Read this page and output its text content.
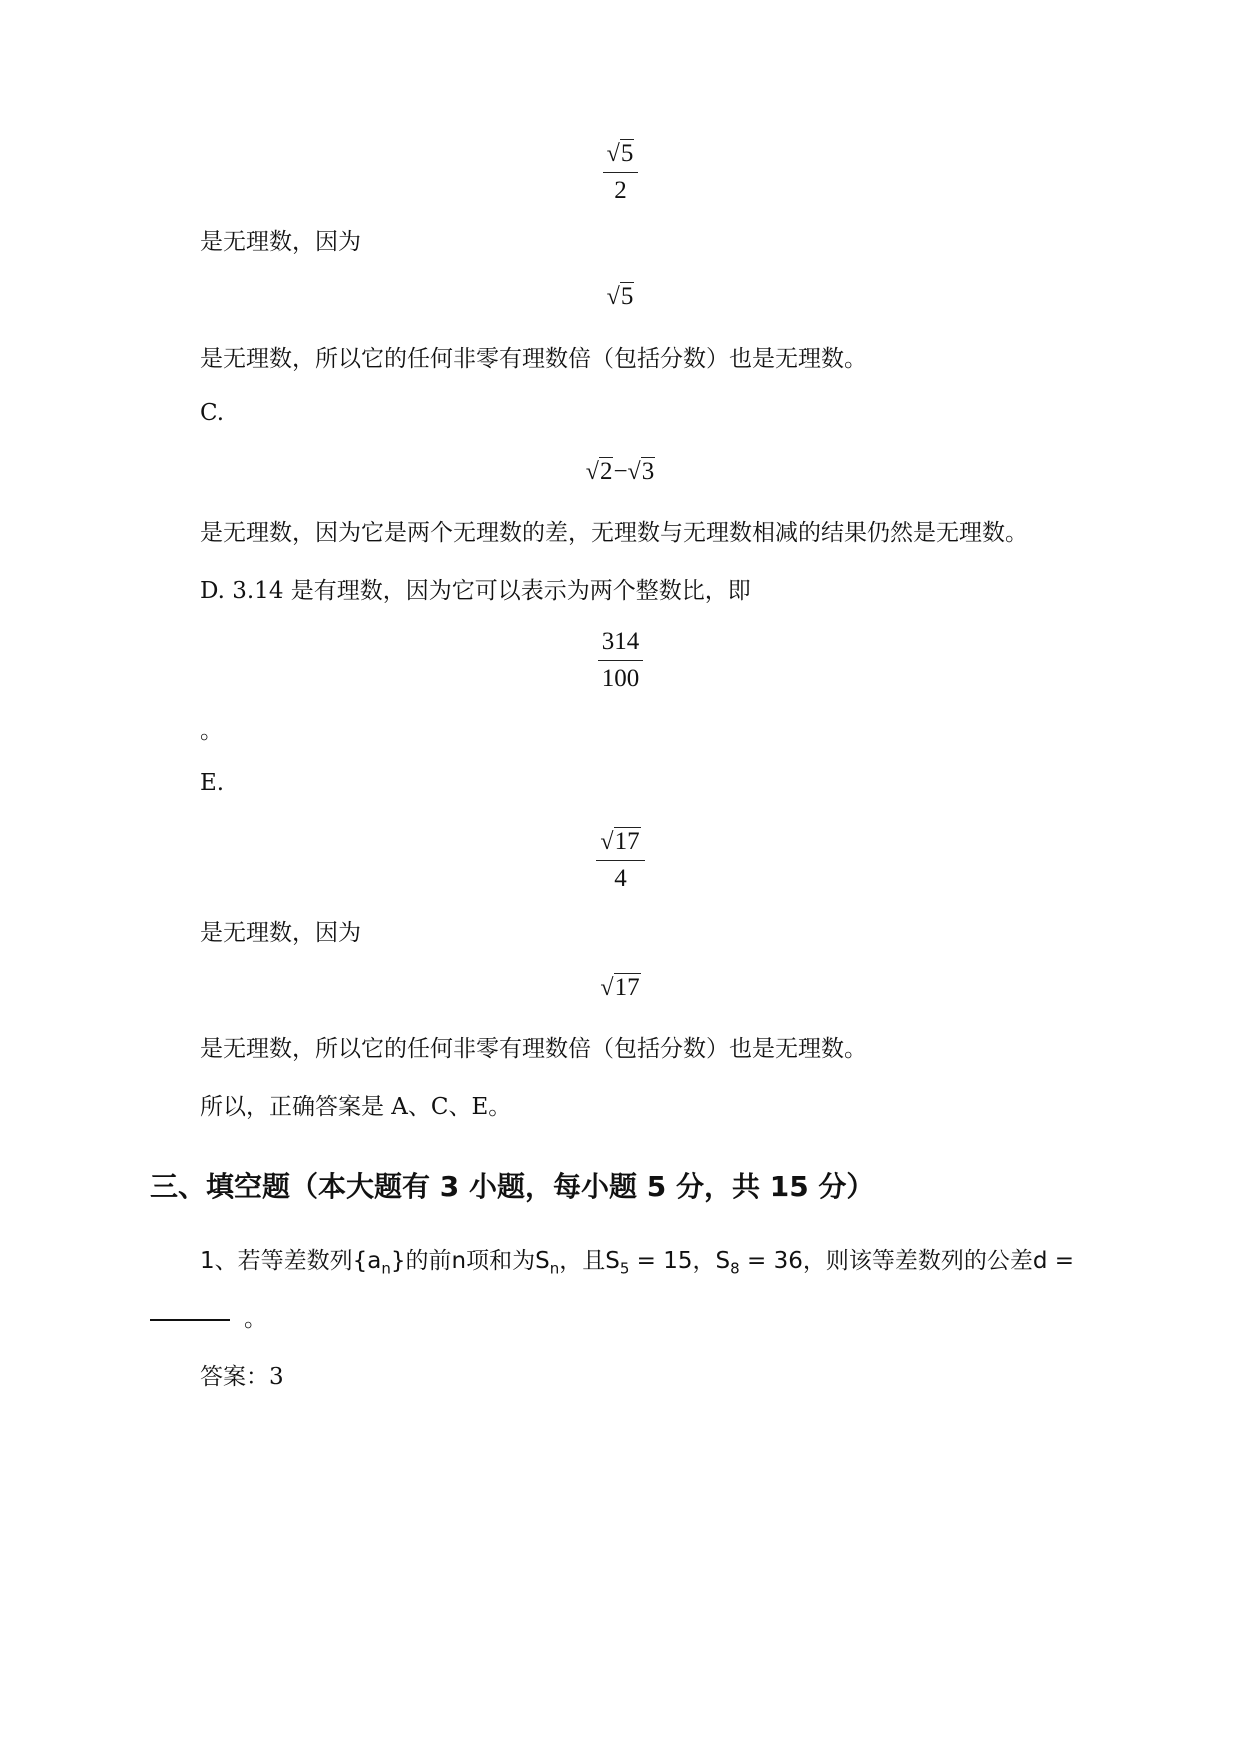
$\frac{√5}{2}$
是无理数，因为
√5
是无理数，所以它的任何非零有理数倍（包括分数）也是无理数。
C.
√2−√3
是无理数，因为它是两个无理数的差，无理数与无理数相减的结果仍然是无理数。
D. 3.14 是有理数，因为它可以表示为两个整数比，即
$\frac{314}{100}$
。
E.
$\frac{√17}{4}$
是无理数，因为
√17
是无理数，所以它的任何非零有理数倍（包括分数）也是无理数。
所以，正确答案是 A、C、E。
三、填空题（本大题有 3 小题，每小题 5 分，共 15 分）
1、若等差数列$\{a_n\}$的前n项和为$S_n$，且$S_5 = 15$，$S_8 = 36$，则该等差数列的公差d =
。
答案：3
